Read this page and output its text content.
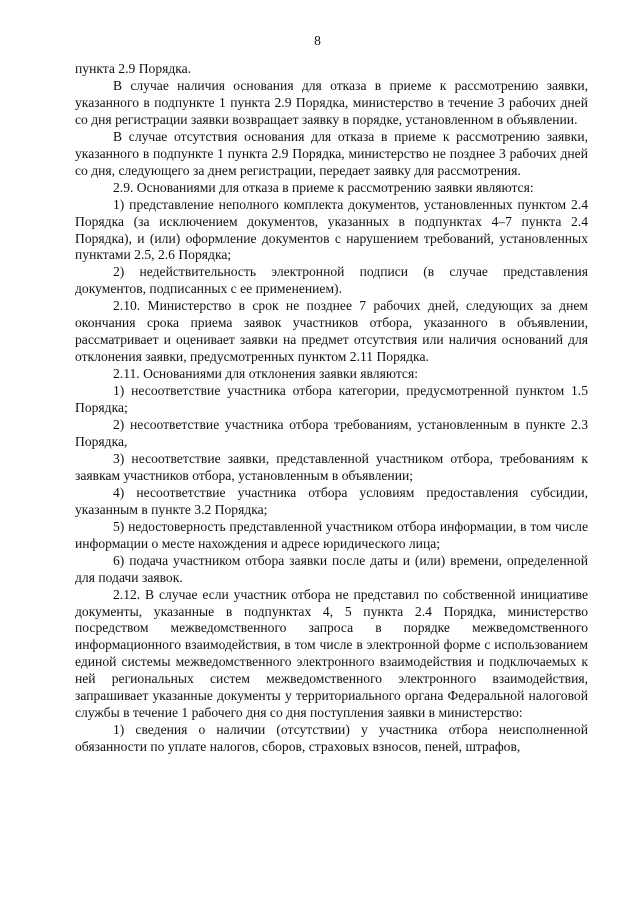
8

пункта 2.9 Порядка.

В случае наличия основания для отказа в приеме к рассмотрению заявки, указанного в подпункте 1 пункта 2.9 Порядка, министерство в течение 3 рабочих дней со дня регистрации заявки возвращает заявку в порядке, установленном в объявлении.

В случае отсутствия основания для отказа в приеме к рассмотрению заявки, указанного в подпункте 1 пункта 2.9 Порядка, министерство не позднее 3 рабочих дней со дня, следующего за днем регистрации, передает заявку для рассмотрения.

2.9. Основаниями для отказа в приеме к рассмотрению заявки являются:

1) представление неполного комплекта документов, установленных пунктом 2.4 Порядка (за исключением документов, указанных в подпунктах 4–7 пункта 2.4 Порядка), и (или) оформление документов с нарушением требований, установленных пунктами 2.5, 2.6 Порядка;

2) недействительность электронной подписи (в случае представления документов, подписанных с ее применением).

2.10. Министерство в срок не позднее 7 рабочих дней, следующих за днем окончания срока приема заявок участников отбора, указанного в объявлении, рассматривает и оценивает заявки на предмет отсутствия или наличия оснований для отклонения заявки, предусмотренных пунктом 2.11 Порядка.

2.11. Основаниями для отклонения заявки являются:

1) несоответствие участника отбора категории, предусмотренной пунктом 1.5 Порядка;

2) несоответствие участника отбора требованиям, установленным в пункте 2.3 Порядка,

3) несоответствие заявки, представленной участником отбора, требованиям к заявкам участников отбора, установленным в объявлении;

4) несоответствие участника отбора условиям предоставления субсидии, указанным в пункте 3.2 Порядка;

5) недостоверность представленной участником отбора информации, в том числе информации о месте нахождения и адресе юридического лица;

6) подача участником отбора заявки после даты и (или) времени, определенной для подачи заявок.

2.12. В случае если участник отбора не представил по собственной инициативе документы, указанные в подпунктах 4, 5 пункта 2.4 Порядка, министерство посредством межведомственного запроса в порядке межведомственного информационного взаимодействия, в том числе в электронной форме с использованием единой системы межведомственного электронного взаимодействия и подключаемых к ней региональных систем межведомственного электронного взаимодействия, запрашивает указанные документы у территориального органа Федеральной налоговой службы в течение 1 рабочего дня со дня поступления заявки в министерство:

1) сведения о наличии (отсутствии) у участника отбора неисполненной обязанности по уплате налогов, сборов, страховых взносов, пеней, штрафов,
